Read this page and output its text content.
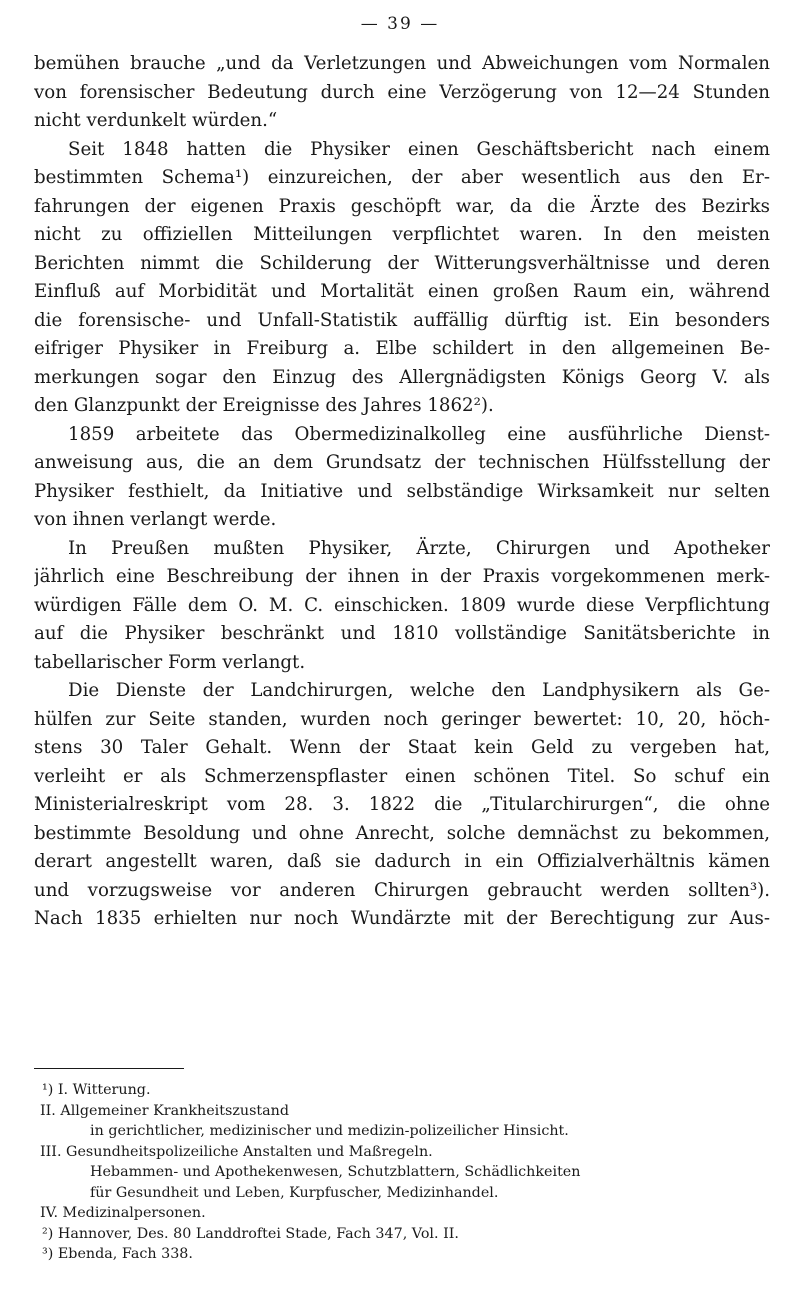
— 39 —
bemühen brauche „und da Verletzungen und Abweichungen vom Normalen
von forensischer Bedeutung durch eine Verzögerung von 12—24 Stunden
nicht verdunkelt würden.“
Seit 1848 hatten die Physiker einen Geschäftsbericht nach einem
bestimmten Schema¹) einzureichen, der aber wesentlich aus den Er-
fahrungen der eigenen Praxis geschöpft war, da die Ärzte des Bezirks
nicht zu offiziellen Mitteilungen verpflichtet waren. In den meisten
Berichten nimmt die Schilderung der Witterungsverhältnisse und deren
Einfluß auf Morbidität und Mortalität einen großen Raum ein, während
die forensische- und Unfall-Statistik auffällig dürftig ist. Ein besonders
eifriger Physiker in Freiburg a. Elbe schildert in den allgemeinen Be-
merkungen sogar den Einzug des Allergnädigsten Königs Georg V. als
den Glanzpunkt der Ereignisse des Jahres 1862²).
1859 arbeitete das Obermedizinalkolleg eine ausführliche Dienst-
anweisung aus, die an dem Grundsatz der technischen Hülfsstellung der
Physiker festhielt, da Initiative und selbständige Wirksamkeit nur selten
von ihnen verlangt werde.
In Preußen mußten Physiker, Ärzte, Chirurgen und Apotheker
jährlich eine Beschreibung der ihnen in der Praxis vorgekommenen merk-
würdigen Fälle dem O. M. C. einschicken. 1809 wurde diese Verpflichtung
auf die Physiker beschränkt und 1810 vollständige Sanitätsberichte in
tabellarischer Form verlangt.
Die Dienste der Landchirurgen, welche den Landphysikern als Ge-
hülfen zur Seite standen, wurden noch geringer bewertet: 10, 20, höch-
stens 30 Taler Gehalt. Wenn der Staat kein Geld zu vergeben hat,
verleiht er als Schmerzenspflaster einen schönen Titel. So schuf ein
Ministerialreskript vom 28. 3. 1822 die „Titularchirurgen“, die ohne
bestimmte Besoldung und ohne Anrecht, solche demnächst zu bekommen,
derart angestellt waren, daß sie dadurch in ein Offizialverhältnis kämen
und vorzugsweise vor anderen Chirurgen gebraucht werden sollten³).
Nach 1835 erhielten nur noch Wundärzte mit der Berechtigung zur Aus-
¹) I. Witterung.
II. Allgemeiner Krankheitszustand
in gerichtlicher, medizinischer und medizin-polizeilicher Hinsicht.
III. Gesundheitspolizeiliche Anstalten und Maßregeln.
Hebammen- und Apothekenwesen, Schutzblattern, Schädlichkeiten
für Gesundheit und Leben, Kurpfuscher, Medizinhandel.
IV. Medizinalpersonen.
²) Hannover, Des. 80 Landdroftei Stade, Fach 347, Vol. II.
³) Ebenda, Fach 338.
